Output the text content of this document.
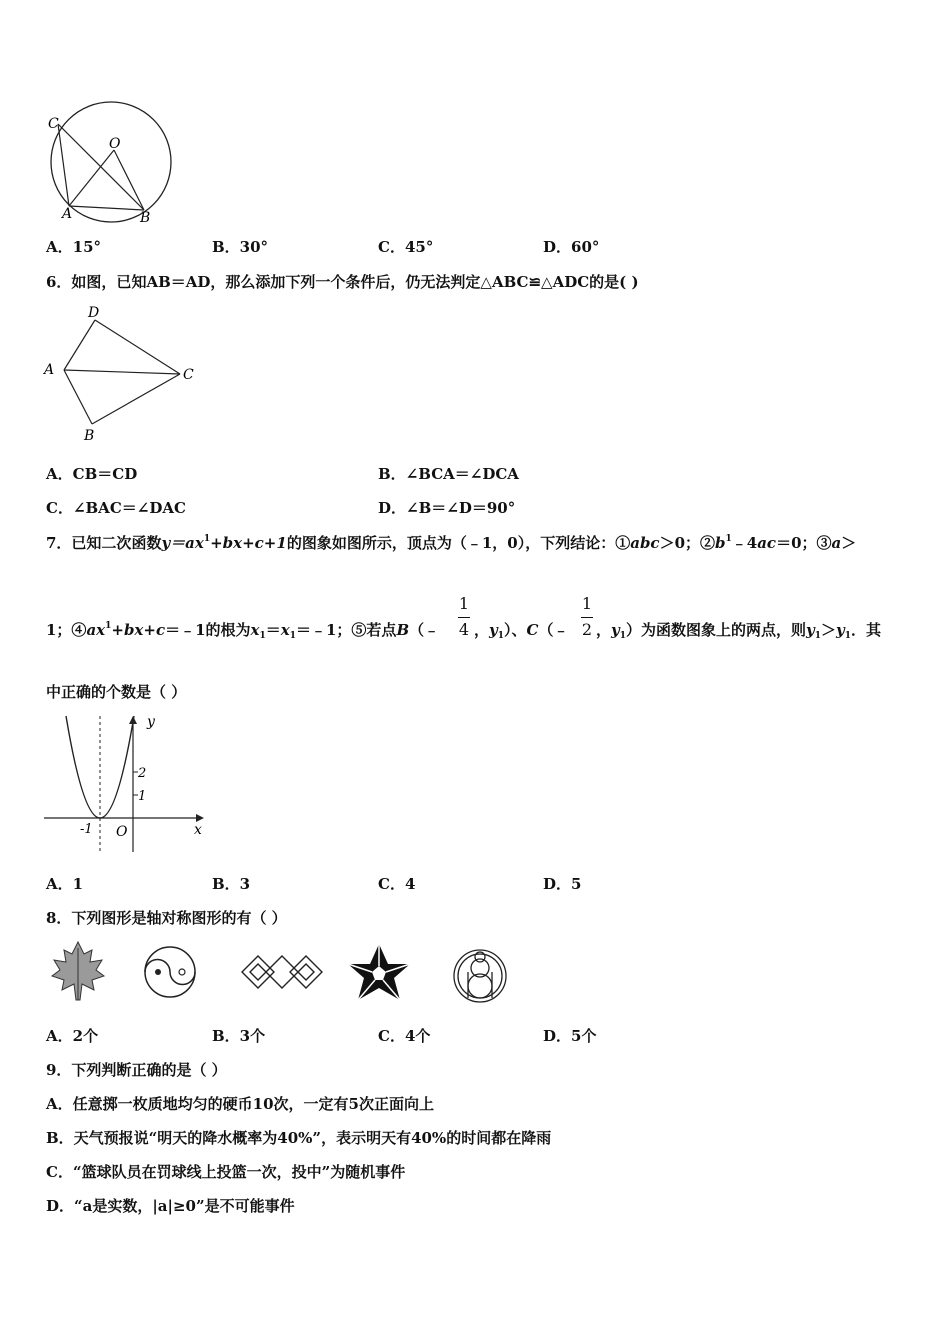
C
O
A	B
A．15°	B．30°	C．45°	D．60°
6．如图，已知AB＝AD，那么添加下列一个条件后，仍无法判定△ABC≌△ADC的是( )
D
A	C
B
A．CB＝CD	B．∠BCA＝∠DCA
C．∠BAC＝∠DAC	D．∠B＝∠D＝90°
7．已知二次函数$y=ax^1+bx+c+1$的图象如图所示，顶点为（﹣1，0），下列结论：①abc＞0；$②b^1﹣4ac=0$；③a＞
1
4
1
2
1；$④ax^1+bx+c=﹣1$的根为$x_1=x_1=﹣1$；⑤若点B（﹣ ，$y_1$）、C（﹣ ，$y_1$）为函数图象上的两点，则$y_1>y_1$．其
中正确的个数是（ ）
y
x
2
1
-1 O
A．1	B．3	C．4	D．5
8．下列图形是轴对称图形的有（ ）
A．2个	B．3个	C．4个	D．5个
9．下列判断正确的是（ ）
A．任意掷一枚质地均匀的硬币10次，一定有5次正面向上
B．天气预报说“明天的降水概率为40%”，表示明天有40%的时间都在降雨
C．“篮球队员在罚球线上投篮一次，投中”为随机事件
D．“a是实数，|a|≥0”是不可能事件
